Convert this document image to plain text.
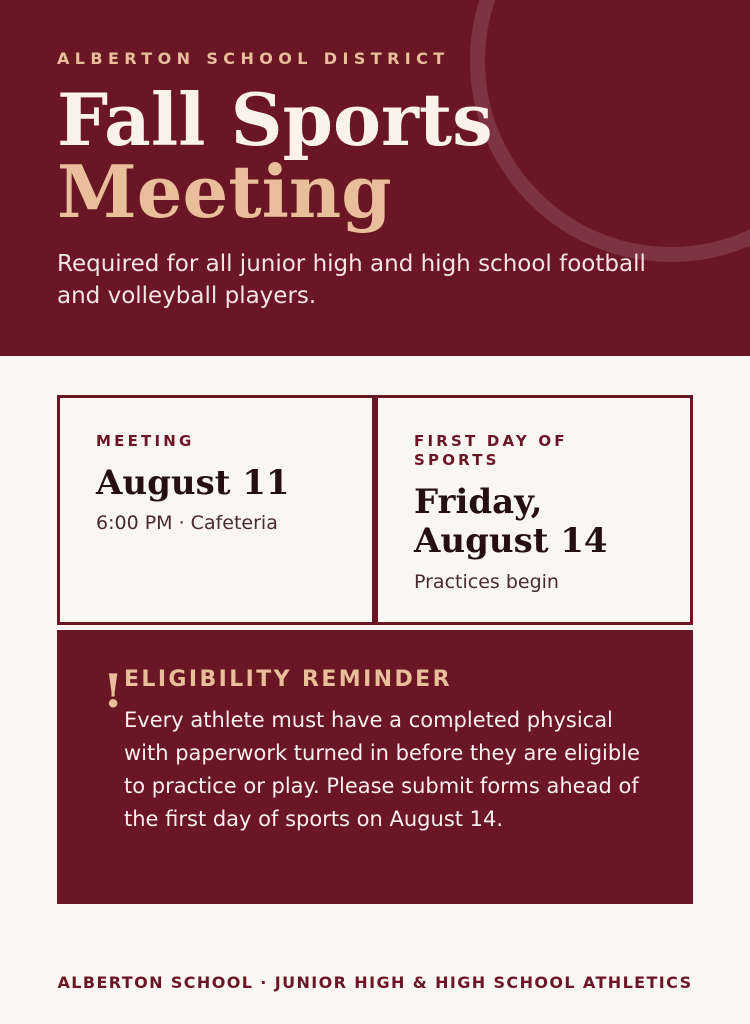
ALBERTON SCHOOL DISTRICT
Fall Sports
Meeting

Required for all junior high and high school football and volleyball players.

MEETING
August 11
6:00 PM · Cafeteria
FIRST DAY OF SPORTS
Friday, August 14
Practices begin
! ELIGIBILITY REMINDER

Every athlete must have a completed physical with paperwork turned in before they are eligible to practice or play. Please submit forms ahead of the first day of sports on August 14.

ALBERTON SCHOOL · JUNIOR HIGH & HIGH SCHOOL ATHLETICS
